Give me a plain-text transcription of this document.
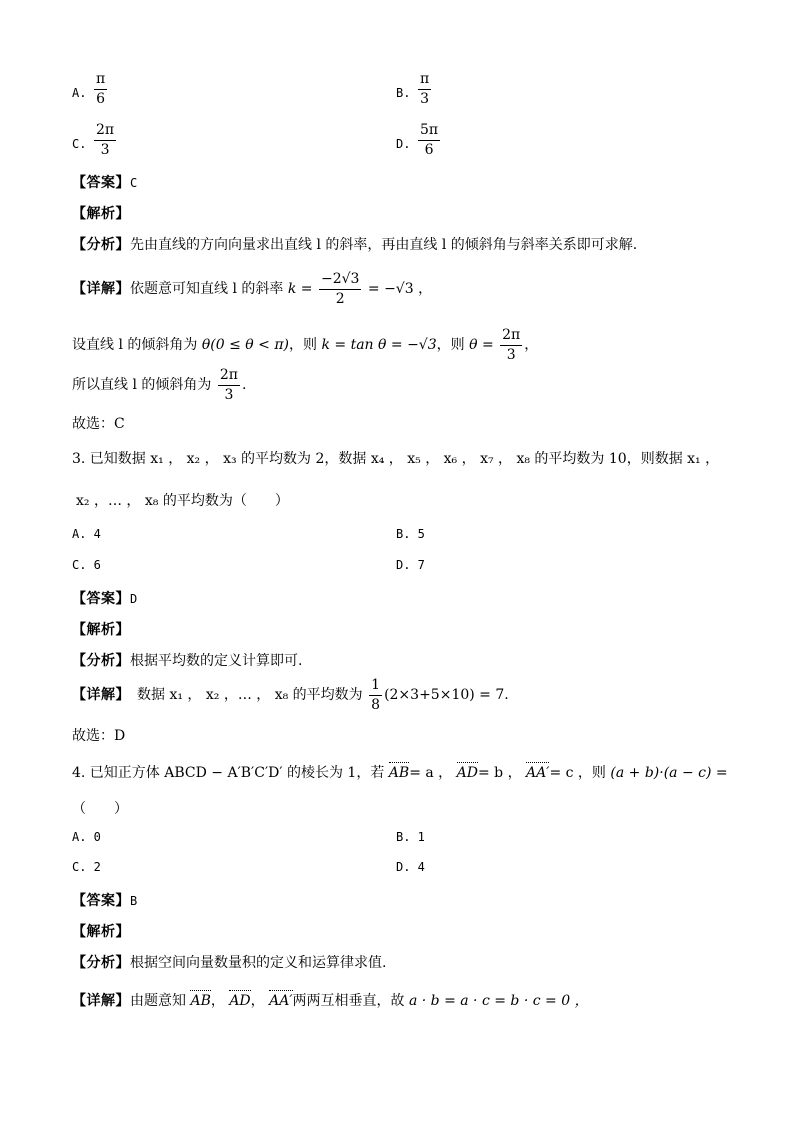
A. $\frac{\pi}{6}$	B. $\frac{\pi}{3}$
C. $\frac{2\pi}{3}$	D. $\frac{5\pi}{6}$
【答案】C
【解析】
【分析】先由直线的方向向量求出直线 l 的斜率，再由直线 l 的倾斜角与斜率关系即可求解.
【详解】依题意可知直线 l 的斜率 $k = \frac{-2√3}{2} = -√3$ ，
设直线 l 的倾斜角为 θ(0 ≤ θ < π)，则 k = tan θ = −√3，则 $\theta = \frac{2\pi}{3}$ ，
所以直线 l 的倾斜角为 $\frac{2\pi}{3}$ .
故选：C
3. 已知数据 x₁ ， x₂ ， x₃ 的平均数为 2，数据 x₄ ， x₅ ， x₆ ， x₇ ， x₈ 的平均数为 10，则数据 x₁ ，
x₂ ，… ， x₈ 的平均数为（　　）
A. 4	B. 5
C. 6	D. 7
【答案】D
【解析】
【分析】根据平均数的定义计算即可.
【详解】　数据 x₁ ， x₂ ，… ， x₈ 的平均数为 $\frac{1}{8} (2\times 3+5\times 10) = 7$.
故选：D
4. 已知正方体 ABCD − A′B′C′D′ 的棱长为 1，若 AB= a ， AD= b ， AA′= c ，则 (a + b)·(a − c) =
（　　）
A. 0	B. 1
C. 2	D. 4
【答案】B
【解析】
【分析】根据空间向量数量积的定义和运算律求值.
【详解】由题意知 AB， AD， AA′两两互相垂直，故 a · b = a · c = b · c = 0 ，
